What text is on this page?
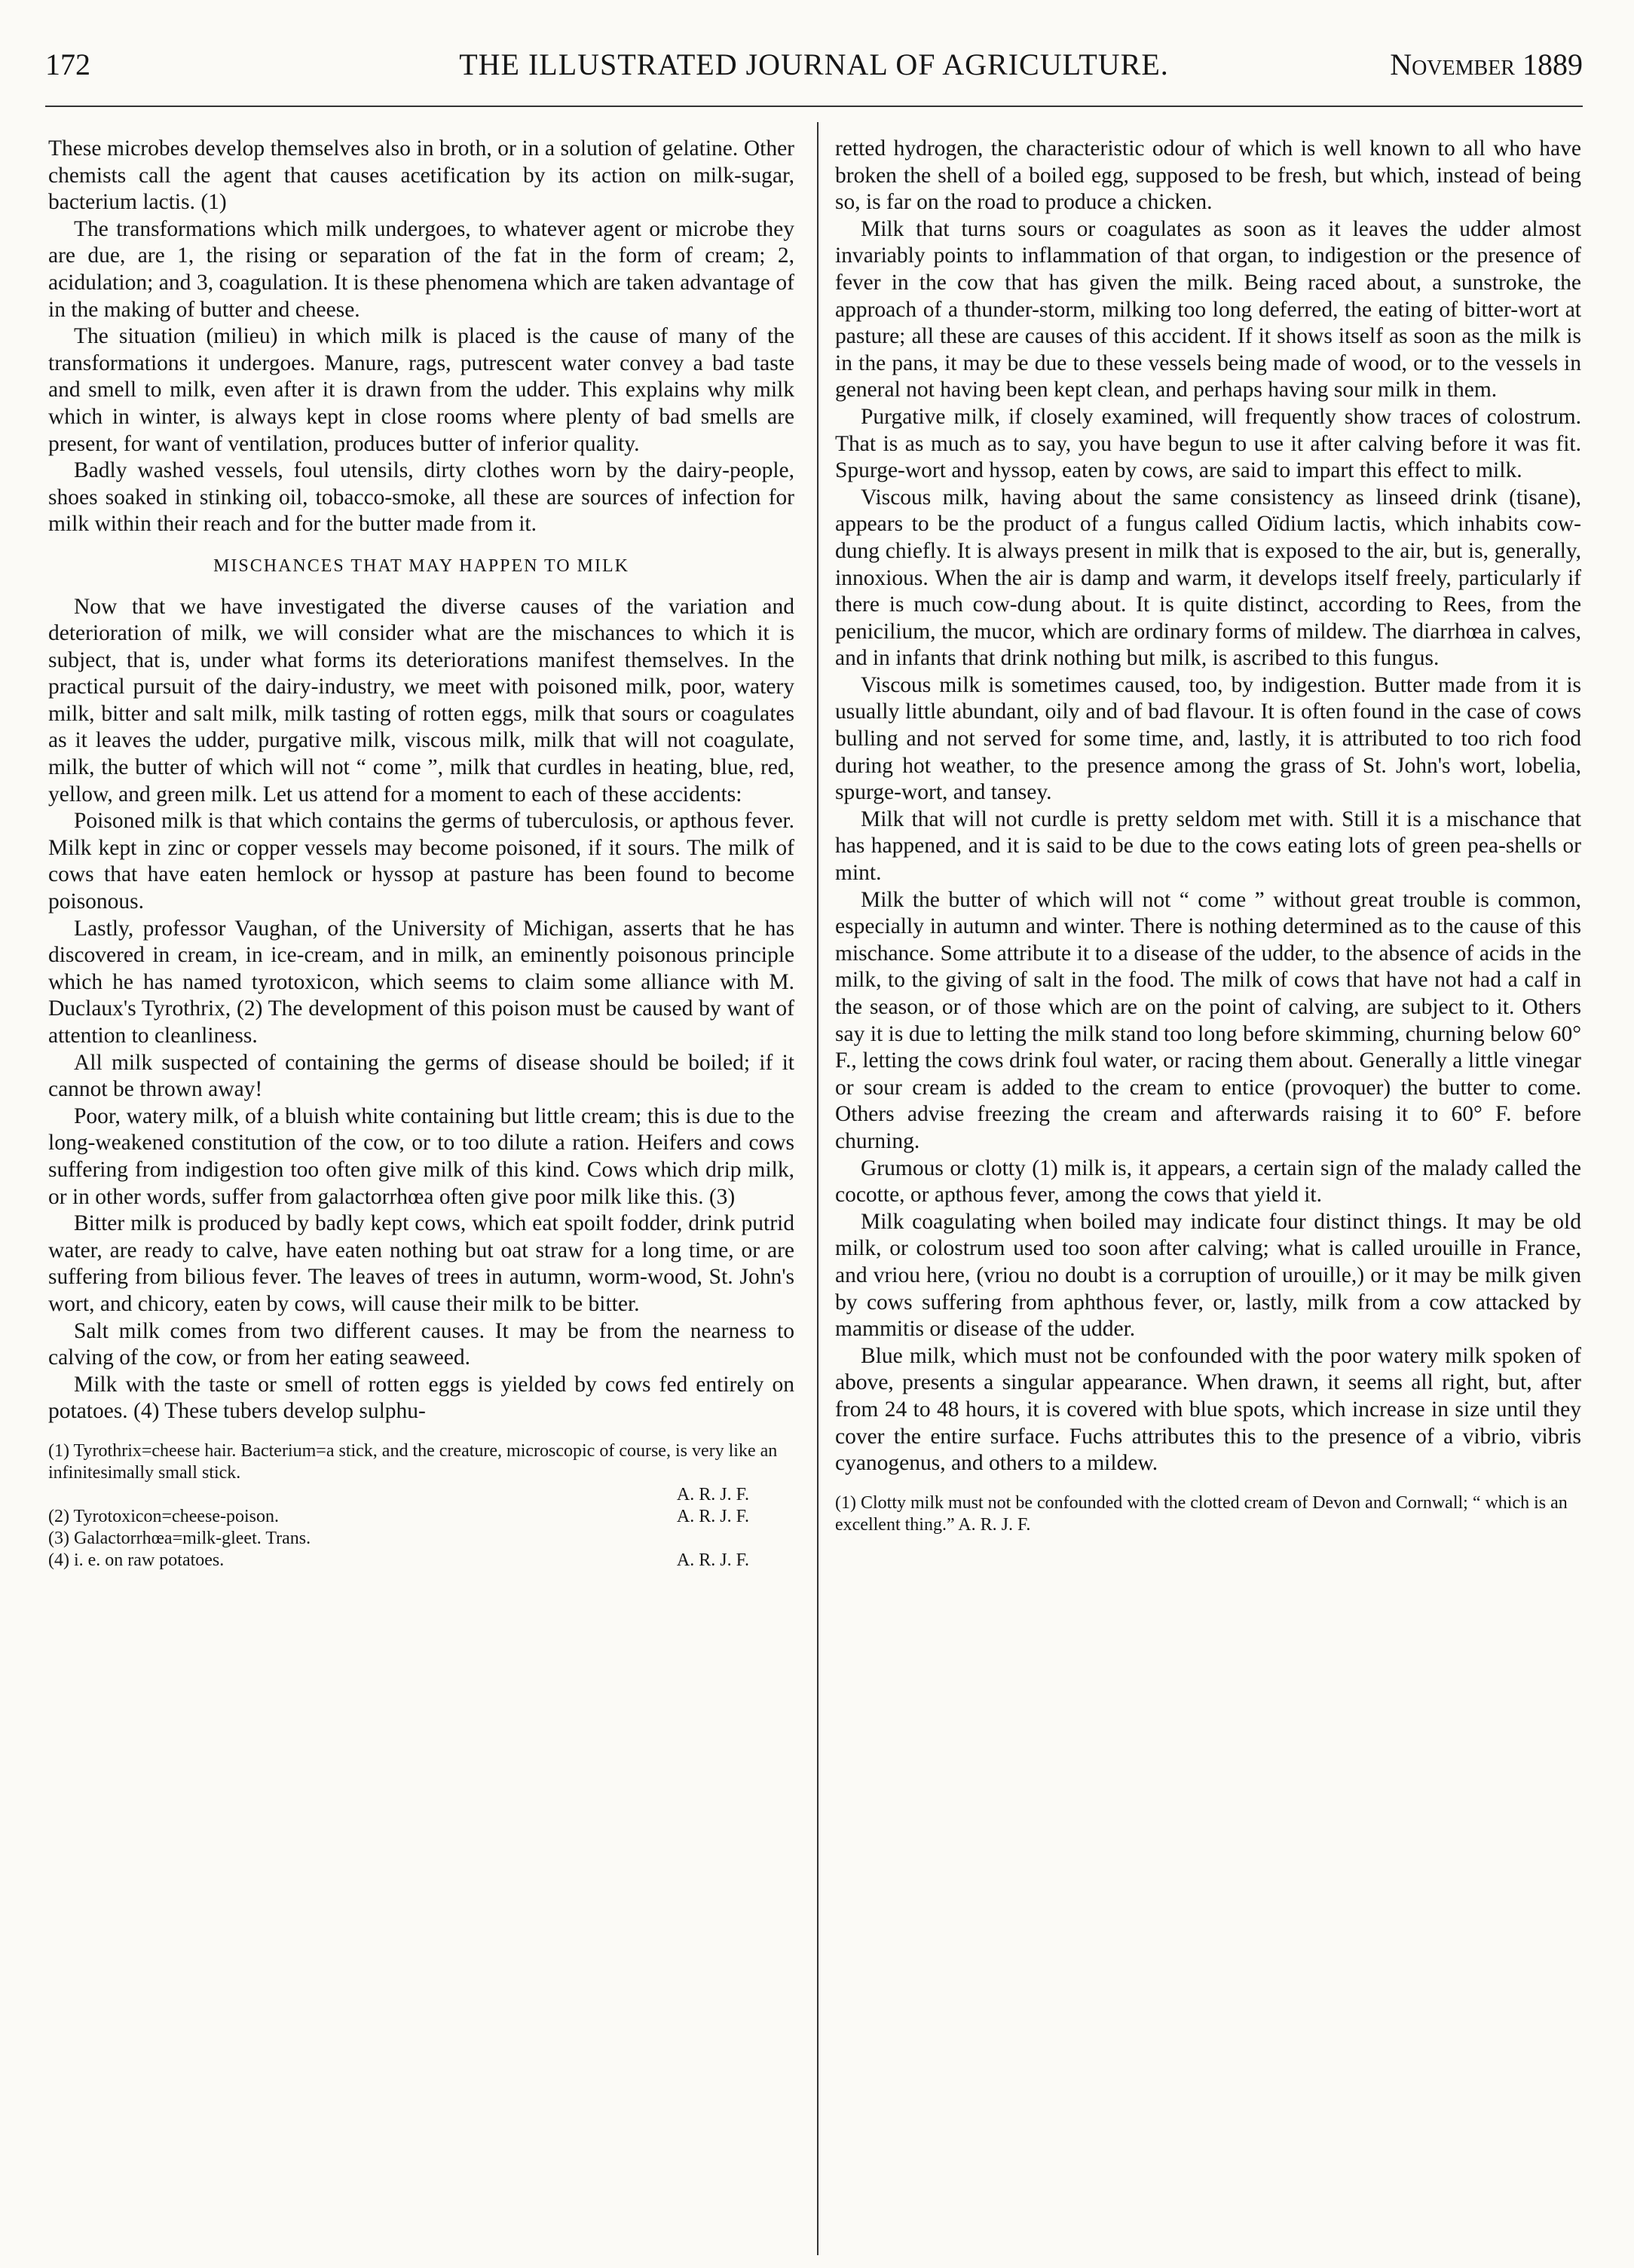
172	THE ILLUSTRATED JOURNAL OF AGRICULTURE.	November 1889

These microbes develop themselves also in broth, or in a solution of gelatine. Other chemists call the agent that causes acetification by its action on milk-sugar, bacterium lactis. (1)

The transformations which milk undergoes, to whatever agent or microbe they are due, are 1, the rising or separation of the fat in the form of cream; 2, acidulation; and 3, coagulation. It is these phenomena which are taken advantage of in the making of butter and cheese.

The situation (milieu) in which milk is placed is the cause of many of the transformations it undergoes. Manure, rags, putrescent water convey a bad taste and smell to milk, even after it is drawn from the udder. This explains why milk which in winter, is always kept in close rooms where plenty of bad smells are present, for want of ventilation, produces butter of inferior quality.

Badly washed vessels, foul utensils, dirty clothes worn by the dairy-people, shoes soaked in stinking oil, tobacco-smoke, all these are sources of infection for milk within their reach and for the butter made from it.

MISCHANCES THAT MAY HAPPEN TO MILK

Now that we have investigated the diverse causes of the variation and deterioration of milk, we will consider what are the mischances to which it is subject, that is, under what forms its deteriorations manifest themselves. In the practical pursuit of the dairy-industry, we meet with poisoned milk, poor, watery milk, bitter and salt milk, milk tasting of rotten eggs, milk that sours or coagulates as it leaves the udder, purgative milk, viscous milk, milk that will not coagulate, milk, the butter of which will not “ come ”, milk that curdles in heating, blue, red, yellow, and green milk. Let us attend for a moment to each of these accidents:

Poisoned milk is that which contains the germs of tuberculosis, or apthous fever. Milk kept in zinc or copper vessels may become poisoned, if it sours. The milk of cows that have eaten hemlock or hyssop at pasture has been found to become poisonous.

Lastly, professor Vaughan, of the University of Michigan, asserts that he has discovered in cream, in ice-cream, and in milk, an eminently poisonous principle which he has named tyrotoxicon, which seems to claim some alliance with M. Duclaux's Tyrothrix, (2) The development of this poison must be caused by want of attention to cleanliness.

All milk suspected of containing the germs of disease should be boiled; if it cannot be thrown away!

Poor, watery milk, of a bluish white containing but little cream; this is due to the long-weakened constitution of the cow, or to too dilute a ration. Heifers and cows suffering from indigestion too often give milk of this kind. Cows which drip milk, or in other words, suffer from galactorrhœa often give poor milk like this. (3)

Bitter milk is produced by badly kept cows, which eat spoilt fodder, drink putrid water, are ready to calve, have eaten nothing but oat straw for a long time, or are suffering from bilious fever. The leaves of trees in autumn, worm-wood, St. John's wort, and chicory, eaten by cows, will cause their milk to be bitter.

Salt milk comes from two different causes. It may be from the nearness to calving of the cow, or from her eating seaweed.

Milk with the taste or smell of rotten eggs is yielded by cows fed entirely on potatoes. (4) These tubers develop sulphu-

(1) Tyrothrix=cheese hair. Bacterium=a stick, and the creature, microscopic of course, is very like an infinitesimally small stick.
A. R. J. F.
(2) Tyrotoxicon=cheese-poison.	A. R. J. F.
(3) Galactorrhœa=milk-gleet. Trans.
(4) i. e. on raw potatoes.	A. R. J. F.

retted hydrogen, the characteristic odour of which is well known to all who have broken the shell of a boiled egg, supposed to be fresh, but which, instead of being so, is far on the road to produce a chicken.

Milk that turns sours or coagulates as soon as it leaves the udder almost invariably points to inflammation of that organ, to indigestion or the presence of fever in the cow that has given the milk. Being raced about, a sunstroke, the approach of a thunder-storm, milking too long deferred, the eating of bitter-wort at pasture; all these are causes of this accident. If it shows itself as soon as the milk is in the pans, it may be due to these vessels being made of wood, or to the vessels in general not having been kept clean, and perhaps having sour milk in them.

Purgative milk, if closely examined, will frequently show traces of colostrum. That is as much as to say, you have begun to use it after calving before it was fit. Spurge-wort and hyssop, eaten by cows, are said to impart this effect to milk.

Viscous milk, having about the same consistency as linseed drink (tisane), appears to be the product of a fungus called Oïdium lactis, which inhabits cow-dung chiefly. It is always present in milk that is exposed to the air, but is, generally, innoxious. When the air is damp and warm, it develops itself freely, particularly if there is much cow-dung about. It is quite distinct, according to Rees, from the penicilium, the mucor, which are ordinary forms of mildew. The diarrhœa in calves, and in infants that drink nothing but milk, is ascribed to this fungus.

Viscous milk is sometimes caused, too, by indigestion. Butter made from it is usually little abundant, oily and of bad flavour. It is often found in the case of cows bulling and not served for some time, and, lastly, it is attributed to too rich food during hot weather, to the presence among the grass of St. John's wort, lobelia, spurge-wort, and tansey.

Milk that will not curdle is pretty seldom met with. Still it is a mischance that has happened, and it is said to be due to the cows eating lots of green pea-shells or mint.

Milk the butter of which will not “ come ” without great trouble is common, especially in autumn and winter. There is nothing determined as to the cause of this mischance. Some attribute it to a disease of the udder, to the absence of acids in the milk, to the giving of salt in the food. The milk of cows that have not had a calf in the season, or of those which are on the point of calving, are subject to it. Others say it is due to letting the milk stand too long before skimming, churning below 60° F., letting the cows drink foul water, or racing them about. Generally a little vinegar or sour cream is added to the cream to entice (provoquer) the butter to come. Others advise freezing the cream and afterwards raising it to 60° F. before churning.

Grumous or clotty (1) milk is, it appears, a certain sign of the malady called the cocotte, or apthous fever, among the cows that yield it.

Milk coagulating when boiled may indicate four distinct things. It may be old milk, or colostrum used too soon after calving; what is called urouille in France, and vriou here, (vriou no doubt is a corruption of urouille,) or it may be milk given by cows suffering from aphthous fever, or, lastly, milk from a cow attacked by mammitis or disease of the udder.

Blue milk, which must not be confounded with the poor watery milk spoken of above, presents a singular appearance. When drawn, it seems all right, but, after from 24 to 48 hours, it is covered with blue spots, which increase in size until they cover the entire surface. Fuchs attributes this to the presence of a vibrio, vibris cyanogenus, and others to a mildew.

(1) Clotty milk must not be confounded with the clotted cream of Devon and Cornwall; “ which is an excellent thing.” A. R. J. F.
